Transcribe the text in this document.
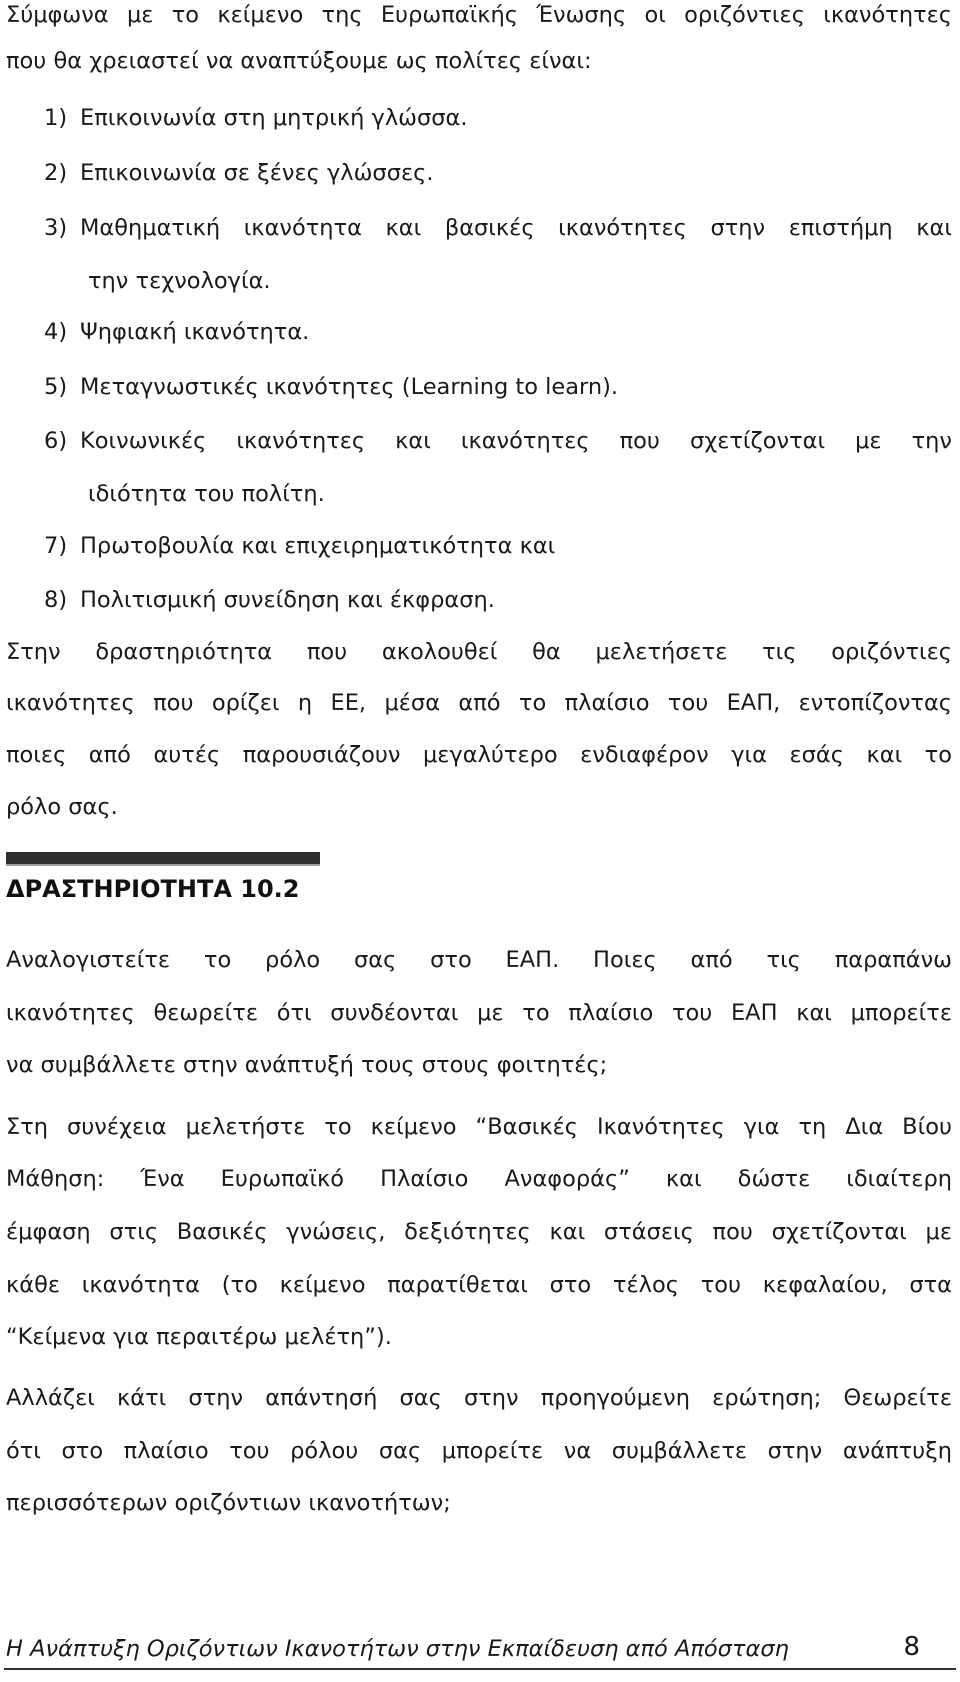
Σύμφωνα με το κείμενο της Ευρωπαϊκής Ένωσης οι οριζόντιες ικανότητες
που θα χρειαστεί να αναπτύξουμε ως πολίτες είναι:
1) Επικοινωνία στη μητρική γλώσσα.
2) Επικοινωνία σε ξένες γλώσσες.
3) Μαθηματική ικανότητα και βασικές ικανότητες στην επιστήμη και
την τεχνολογία.
4) Ψηφιακή ικανότητα.
5) Μεταγνωστικές ικανότητες (Learning to learn).
6) Κοινωνικές ικανότητες και ικανότητες που σχετίζονται με την
ιδιότητα του πολίτη.
7) Πρωτοβουλία και επιχειρηματικότητα και
8) Πολιτισμική συνείδηση και έκφραση.
Στην δραστηριότητα που ακολουθεί θα μελετήσετε τις οριζόντιες
ικανότητες που ορίζει η ΕΕ, μέσα από το πλαίσιο του ΕΑΠ, εντοπίζοντας
ποιες από αυτές παρουσιάζουν μεγαλύτερο ενδιαφέρον για εσάς και το
ρόλο σας.
ΔΡΑΣΤΗΡΙΟΤΗΤΑ 10.2
Αναλογιστείτε το ρόλο σας στο ΕΑΠ. Ποιες από τις παραπάνω
ικανότητες θεωρείτε ότι συνδέονται με το πλαίσιο του ΕΑΠ και μπορείτε
να συμβάλλετε στην ανάπτυξή τους στους φοιτητές;
Στη συνέχεια μελετήστε το κείμενο “Βασικές Ικανότητες για τη Δια Βίου
Μάθηση: Ένα Ευρωπαϊκό Πλαίσιο Αναφοράς” και δώστε ιδιαίτερη
έμφαση στις Βασικές γνώσεις, δεξιότητες και στάσεις που σχετίζονται με
κάθε ικανότητα (το κείμενο παρατίθεται στο τέλος του κεφαλαίου, στα
“Κείμενα για περαιτέρω μελέτη”).
Αλλάζει κάτι στην απάντησή σας στην προηγούμενη ερώτηση; Θεωρείτε
ότι στο πλαίσιο του ρόλου σας μπορείτε να συμβάλλετε στην ανάπτυξη
περισσότερων οριζόντιων ικανοτήτων;
Η Ανάπτυξη Οριζόντιων Ικανοτήτων στην Εκπαίδευση από Απόσταση	8
